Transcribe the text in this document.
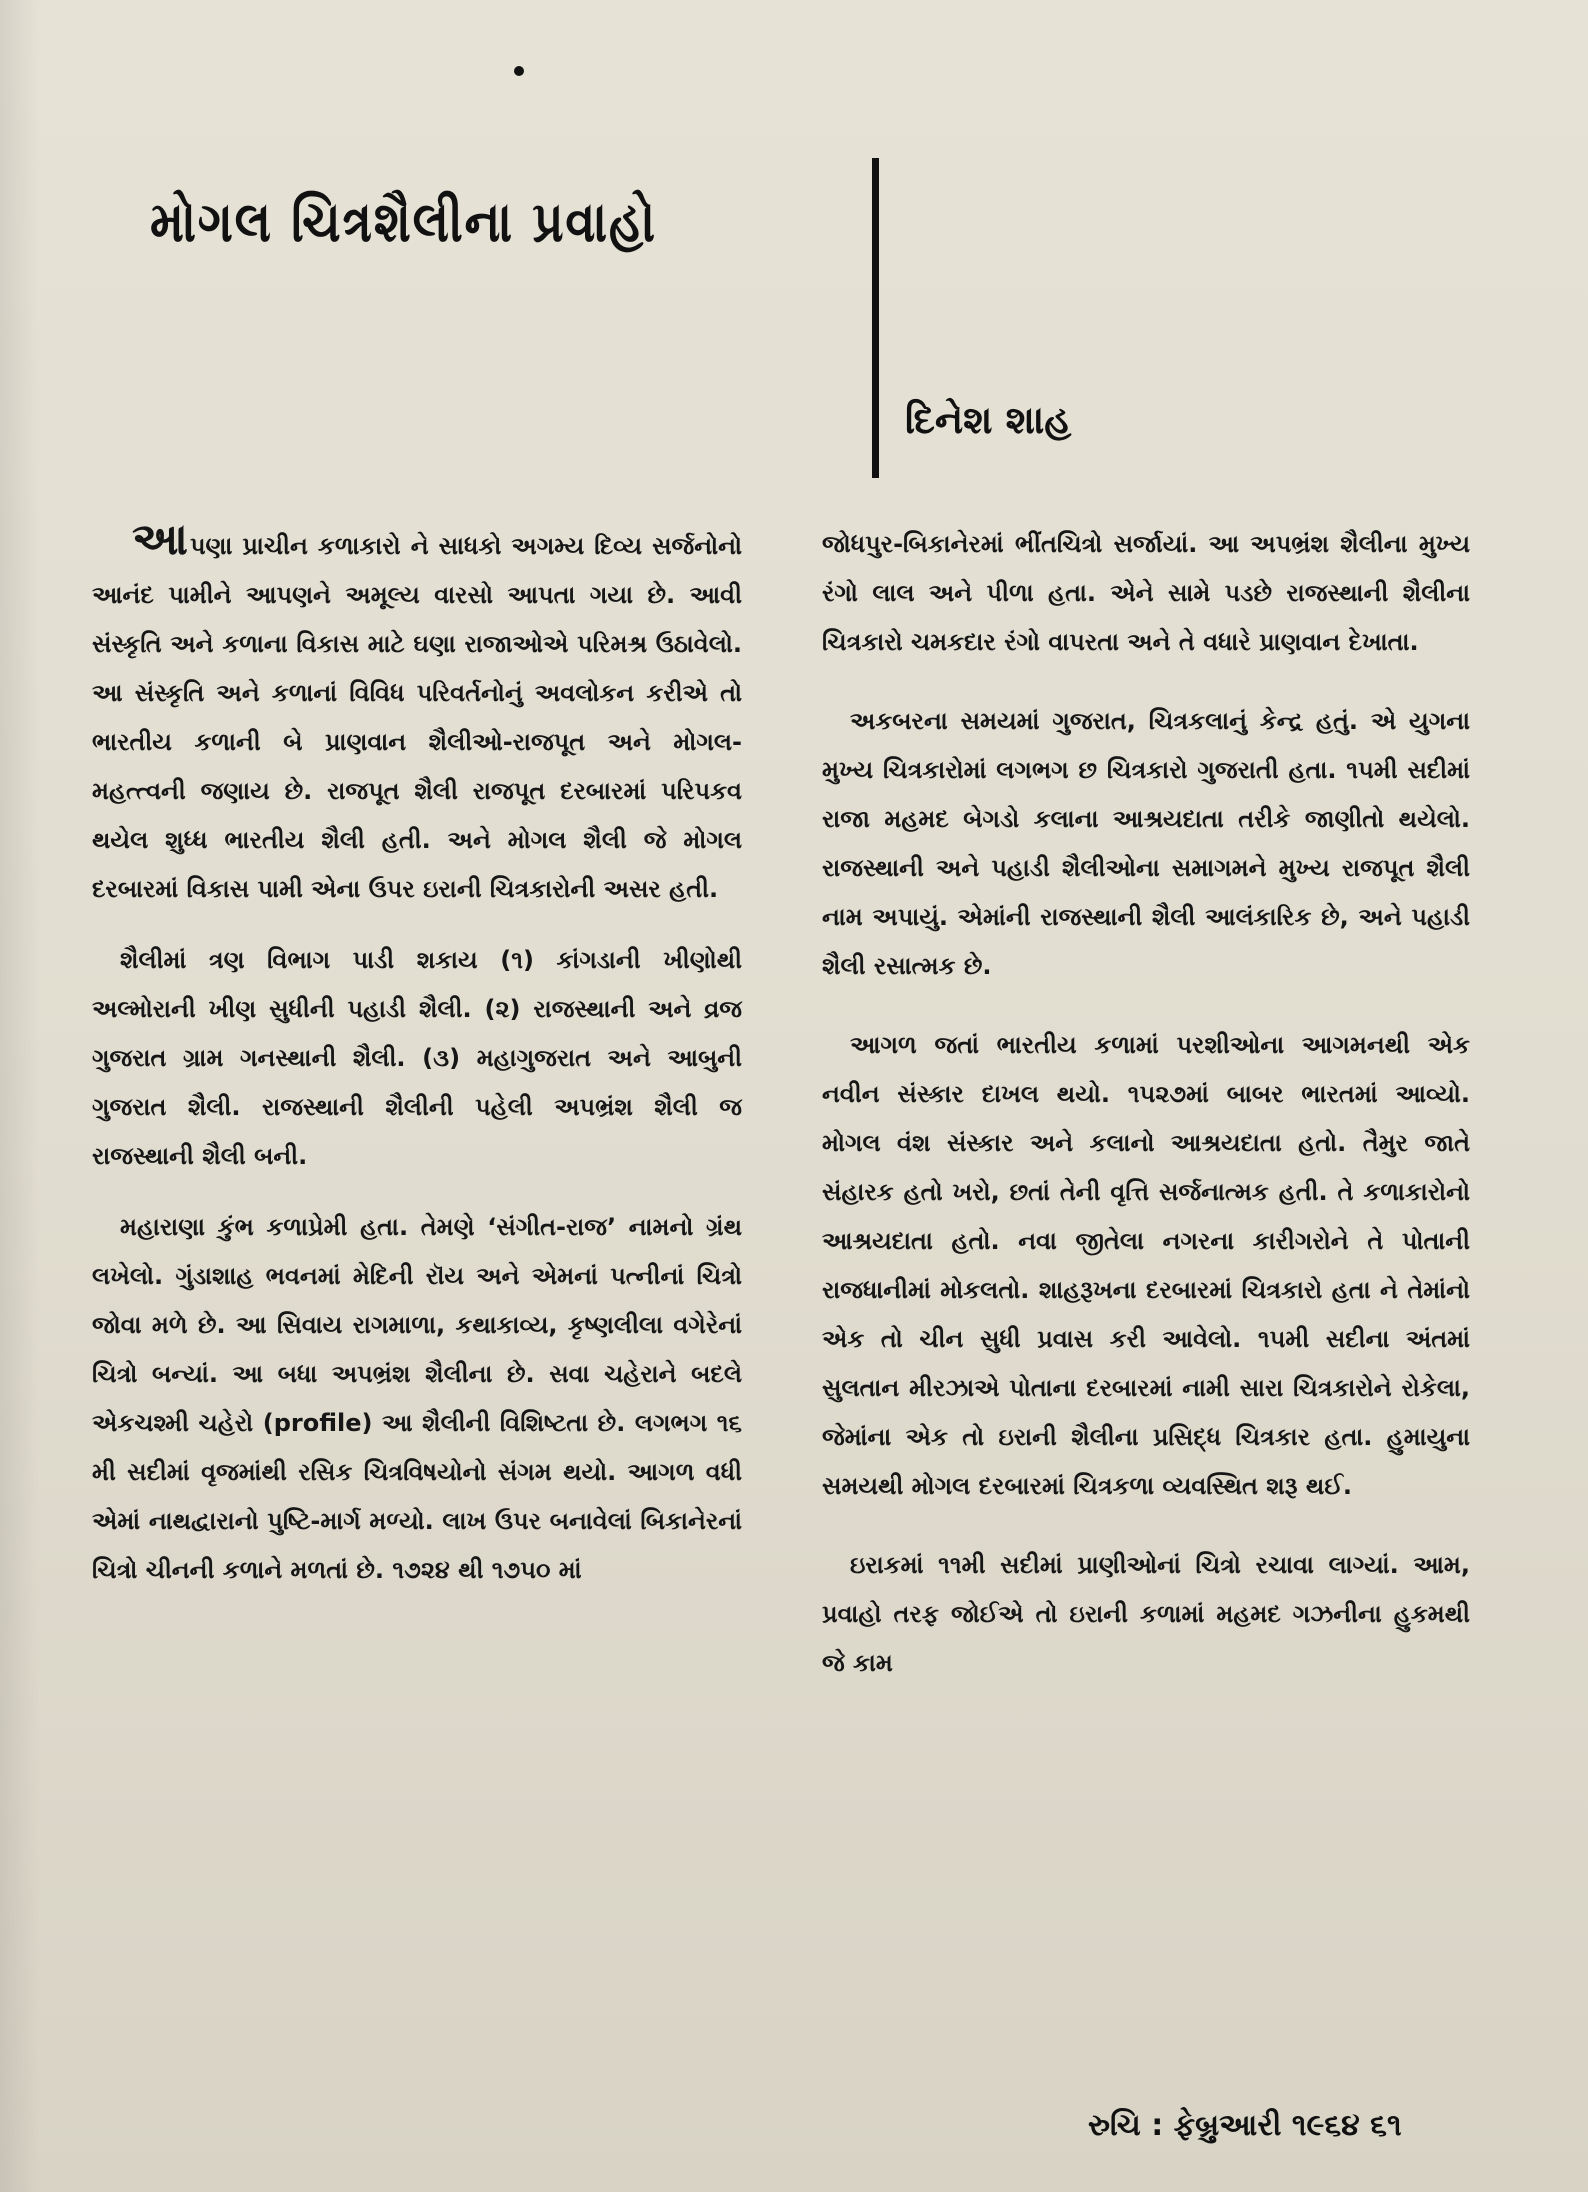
મોગલ ચિત્રશૈલીના પ્રવાહો
દિનેશ શાહ

આપણા પ્રાચીન કળાકારો ને સાધકો અગમ્ય દિવ્ય સર્જનોનો આનંદ પામીને આપણને અમૂલ્ય વારસો આપતા ગયા છે. આવી સંસ્કૃતિ અને કળાના વિકાસ માટે ઘણા રાજાઓએ પરિમશ્ર ઉઠાવેલો. આ સંસ્કૃતિ અને કળાનાં વિવિધ પરિવર્તનોનું અવલોકન કરીએ તો ભારતીય કળાની બે પ્રાણવાન શૈલીઓ-રાજપૂત અને મોગલ-મહત્ત્વની જણાય છે. રાજપૂત શૈલી રાજપૂત દરબારમાં પરિપકવ થયેલ શુધ્ધ ભારતીય શૈલી હતી. અને મોગલ શૈલી જે મોગલ દરબારમાં વિકાસ પામી એના ઉપર ઇરાની ચિત્રકારોની અસર હતી.

શૈલીમાં ત્રણ વિભાગ પાડી શકાય (૧) કાંગડાની ખીણોથી અલ્મોરાની ખીણ સુધીની પહાડી શૈલી. (૨) રાજસ્થાની અને વ્રજ ગુજરાત ગ્રામ ગનસ્થાની શૈલી. (૩) મહાગુજરાત અને આબુની ગુજરાત શૈલી. રાજસ્થાની શૈલીની પહેલી અપભ્રંશ શૈલી જ રાજસ્થાની શૈલી બની.

મહારાણા કુંભ કળાપ્રેમી હતા. તેમણે ‘સંગીત-રાજ’ નામનો ગ્રંથ લખેલો. ગુંડાશાહ ભવનમાં મેદિની રૉય અને એમનાં પત્નીનાં ચિત્રો જોવા મળે છે. આ સિવાય રાગમાળા, કથાકાવ્ય, કૃષ્ણલીલા વગેરેનાં ચિત્રો બન્યાં. આ બધા અપભ્રંશ શૈલીના છે. સવા ચહેરાને બદલે એકચશ્મી ચહેરો (profile) આ શૈલીની વિશિષ્ટતા છે. લગભગ ૧૬ મી સદીમાં વૃજમાંથી રસિક ચિત્રવિષયોનો સંગમ થયો. આગળ વધી એમાં નાથદ્વારાનો પુષ્ટિ-માર્ગ મળ્યો. લાખ ઉપર બનાવેલાં બિકાનેરનાં ચિત્રો ચીનની કળાને મળતાં છે. ૧૭૨૪ થી ૧૭૫૦ માં

જોધપુર-બિકાનેરમાં ભીંતચિત્રો સર્જાયાં. આ અપભ્રંશ શૈલીના મુખ્ય રંગો લાલ અને પીળા હતા. એને સામે પડછે રાજસ્થાની શૈલીના ચિત્રકારો ચમકદાર રંગો વાપરતા અને તે વધારે પ્રાણવાન દેખાતા.

અકબરના સમયમાં ગુજરાત, ચિત્રકલાનું કેન્દ્ર હતું. એ યુગના મુખ્ય ચિત્રકારોમાં લગભગ છ ચિત્રકારો ગુજરાતી હતા. ૧૫મી સદીમાં રાજા મહમદ બેગડો કલાના આશ્રયદાતા તરીકે જાણીતો થયેલો. રાજસ્થાની અને પહાડી શૈલીઓના સમાગમને મુખ્ય રાજપૂત શૈલી નામ અપાયું. એમાંની રાજસ્થાની શૈલી આલંકારિક છે, અને પહાડી શૈલી રસાત્મક છે.

આગળ જતાં ભારતીય કળામાં પરશીઓના આગમનથી એક નવીન સંસ્કાર દાખલ થયો. ૧૫૨૭માં બાબર ભારતમાં આવ્યો. મોગલ વંશ સંસ્કાર અને કલાનો આશ્રયદાતા હતો. તૈમુર જાતે સંહારક હતો ખરો, છતાં તેની વૃત્તિ સર્જનાત્મક હતી. તે કળાકારોનો આશ્રયદાતા હતો. નવા જીતેલા નગરના કારીગરોને તે પોતાની રાજધાનીમાં મોકલતો. શાહરૂખના દરબારમાં ચિત્રકારો હતા ને તેમાંનો એક તો ચીન સુધી પ્રવાસ કરી આવેલો. ૧૫મી સદીના અંતમાં સુલતાન મીરઝાએ પોતાના દરબારમાં નામી સારા ચિત્રકારોને રોકેલા, જેમાંના એક તો ઇરાની શૈલીના પ્રસિદ્ધ ચિત્રકાર હતા. હુમાયુના સમયથી મોગલ દરબારમાં ચિત્રકળા વ્યવસ્થિત શરૂ થઈ.

ઇરાકમાં ૧૧મી સદીમાં પ્રાણીઓનાં ચિત્રો રચાવા લાગ્યાં. આમ, પ્રવાહો તરફ જોઈએ તો ઇરાની કળામાં મહમદ ગઝનીના હુકમથી જે કામ

રુચિ : ફેબ્રુઆરી ૧૯૬૪ ૬૧
